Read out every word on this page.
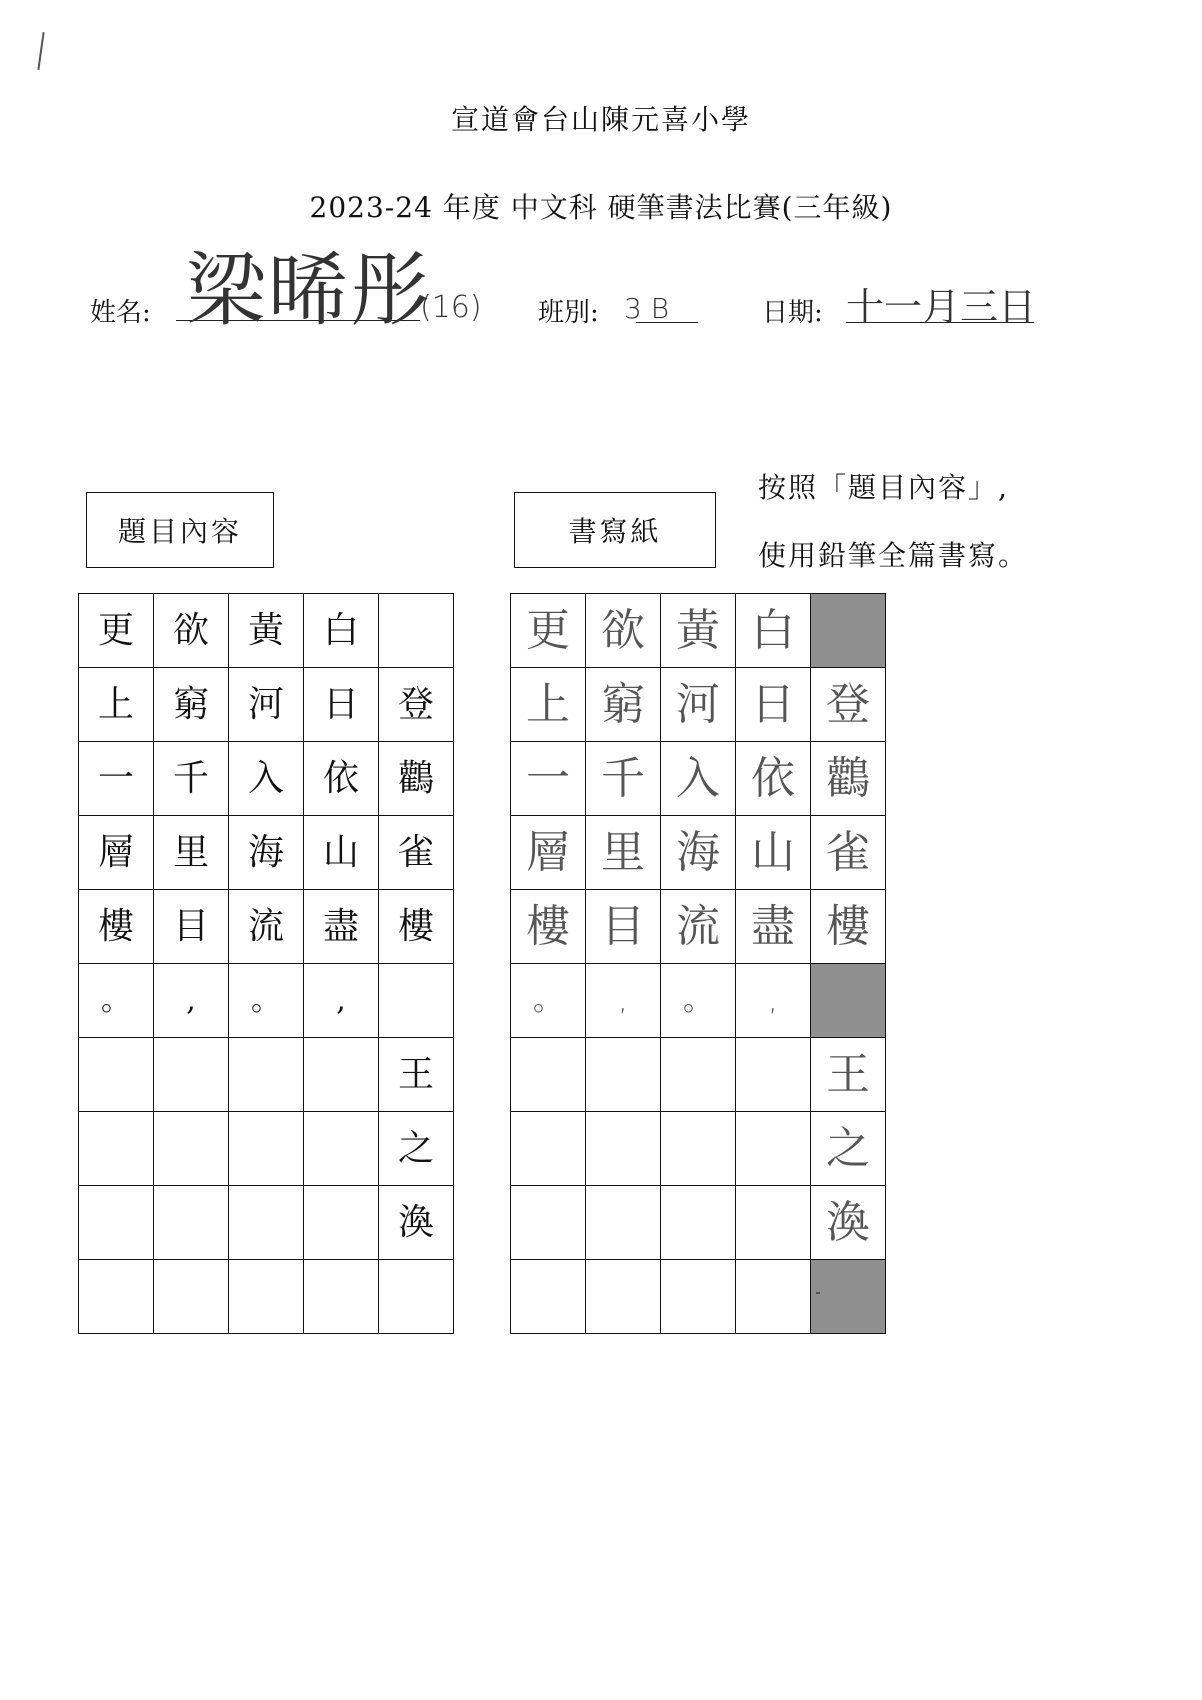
宣道會台山陳元喜小學
2023-24 年度 中文科 硬筆書法比賽(三年級)
姓名: 梁晞彤
(16) 班別: 3 B	日期: 十一月三日
按照「題目內容」,
使用鉛筆全篇書寫。
題目內容	書寫紙
更	欲	黃	白	
上	窮	河	日	登
一	千	入	依	鸛
層	里	海	山	雀
樓	目	流	盡	樓
。	,	。	,	
				王
				之
				渙

更	欲	黃	白	
上	窮	河	日	登
一	千	入	依	鸛
層	里	海	山	雀
樓	目	流	盡	樓
。	,	。	,	
				王
				之
				渙
